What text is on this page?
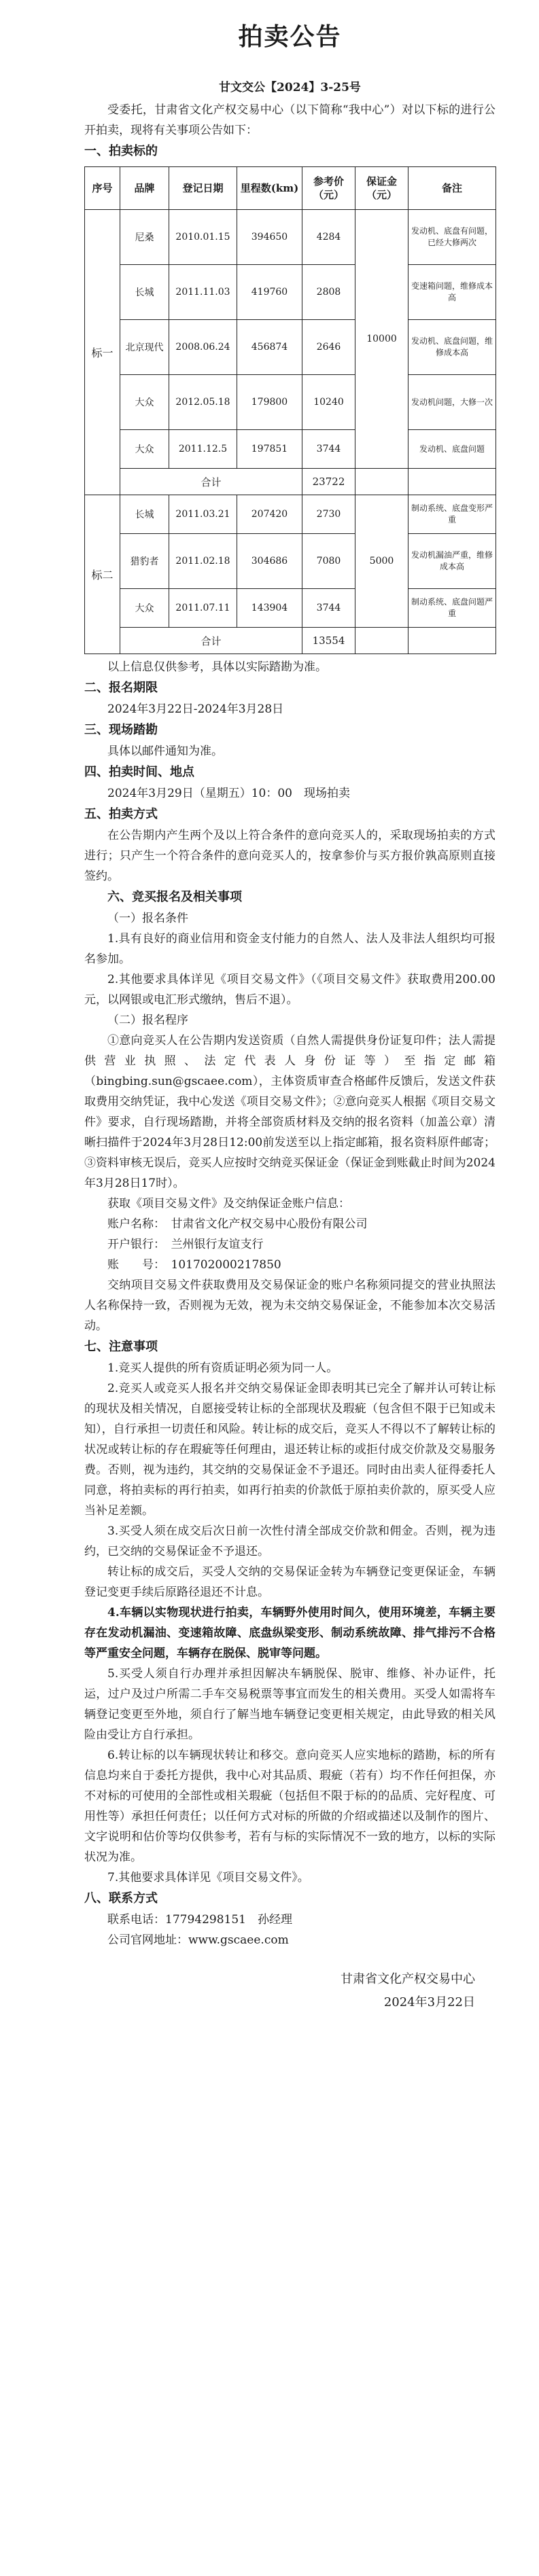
拍卖公告
甘文交公【2024】3-25号

受委托，甘肃省文化产权交易中心（以下简称“我中心”）对以下标的进行公开拍卖，现将有关事项公告如下：

一、拍卖标的
序号	品牌	登记日期	里程数(km)	参考价（元）	保证金（元）	备注
标一	尼桑	2010.01.15	394650	4284	10000	发动机、底盘有问题，已经大修两次
	长城	2011.11.03	419760	2808		变速箱问题，维修成本高
	北京现代	2008.06.24	456874	2646		发动机、底盘问题，维修成本高
	大众	2012.05.18	179800	10240		发动机问题，大修一次
	大众	2011.12.5	197851	3744		发动机、底盘问题
	合计			23722		
标二	长城	2011.03.21	207420	2730	5000	制动系统、底盘变形严重
	猎豹者	2011.02.18	304686	7080		发动机漏油严重，维修成本高
	大众	2011.07.11	143904	3744		制动系统、底盘问题严重
	合计			13554		

以上信息仅供参考，具体以实际踏勘为准。

二、报名期限

2024年3月22日-2024年3月28日

三、现场踏勘

具体以邮件通知为准。

四、拍卖时间、地点

2024年3月29日（星期五）10：00　现场拍卖

五、拍卖方式

在公告期内产生两个及以上符合条件的意向竞买人的，采取现场拍卖的方式进行；只产生一个符合条件的意向竞买人的，按拿参价与买方报价孰高原则直接签约。

六、竞买报名及相关事项
（一）报名条件

1.具有良好的商业信用和资金支付能力的自然人、法人及非法人组织均可报名参加。

2.其他要求具体详见《项目交易文件》（《项目交易文件》获取费用200.00元，以网银或电汇形式缴纳，售后不退）。

（二）报名程序

①意向竞买人在公告期内发送资质（自然人需提供身份证复印件；法人需提供营业执照、法定代表人身份证等）至指定邮箱（bingbing.sun@gscaee.com），主体资质审查合格邮件反馈后，发送文件获取费用交纳凭证，我中心发送《项目交易文件》；②意向竞买人根据《项目交易文件》要求，自行现场踏勘，并将全部资质材料及交纳的报名资料（加盖公章）清晰扫描件于2024年3月28日12:00前发送至以上指定邮箱，报名资料原件邮寄；③资料审核无误后，竞买人应按时交纳竞买保证金（保证金到账截止时间为2024年3月28日17时）。

获取《项目交易文件》及交纳保证金账户信息：

账户名称：　甘肃省文化产权交易中心股份有限公司

开户银行：　兰州银行友谊支行

账　　号：　101702000217850

交纳项目交易文件获取费用及交易保证金的账户名称须同提交的营业执照法人名称保持一致，否则视为无效，视为未交纳交易保证金，不能参加本次交易活动。

七、注意事项

1.竞买人提供的所有资质证明必须为同一人。

2.竞买人或竞买人报名并交纳交易保证金即表明其已完全了解并认可转让标的现状及相关情况，自愿接受转让标的全部现状及瑕疵（包含但不限于已知或未知），自行承担一切责任和风险。转让标的成交后，竞买人不得以不了解转让标的状况或转让标的存在瑕疵等任何理由，退还转让标的或拒付成交价款及交易服务费。否则，视为违约，其交纳的交易保证金不予退还。同时由出卖人征得委托人同意，将拍卖标的再行拍卖，如再行拍卖的价款低于原拍卖价款的，原买受人应当补足差额。

3.买受人须在成交后次日前一次性付清全部成交价款和佣金。否则，视为违约，已交纳的交易保证金不予退还。

转让标的成交后，买受人交纳的交易保证金转为车辆登记变更保证金，车辆登记变更手续后原路径退还不计息。

4.车辆以实物现状进行拍卖，车辆野外使用时间久，使用环境差，车辆主要存在发动机漏油、变速箱故障、底盘纵梁变形、制动系统故障、排气排污不合格等严重安全问题，车辆存在脱保、脱审等问题。

5.买受人须自行办理并承担因解决车辆脱保、脱审、维修、补办证件，托运，过户及过户所需二手车交易税票等事宜而发生的相关费用。买受人如需将车辆登记变更至外地，须自行了解当地车辆登记变更相关规定，由此导致的相关风险由受让方自行承担。

6.转让标的以车辆现状转让和移交。意向竞买人应实地标的踏勘，标的所有信息均来自于委托方提供，我中心对其品质、瑕疵（若有）均不作任何担保，亦不对标的可使用的全部性或相关瑕疵（包括但不限于标的的品质、完好程度、可用性等）承担任何责任；以任何方式对标的所做的介绍或描述以及制作的图片、文字说明和估价等均仅供参考，若有与标的实际情况不一致的地方，以标的实际状况为准。

7.其他要求具体详见《项目交易文件》。

八、联系方式

联系电话：17794298151　孙经理

公司官网地址：www.gscaee.com

甘肃省文化产权交易中心
2024年3月22日
